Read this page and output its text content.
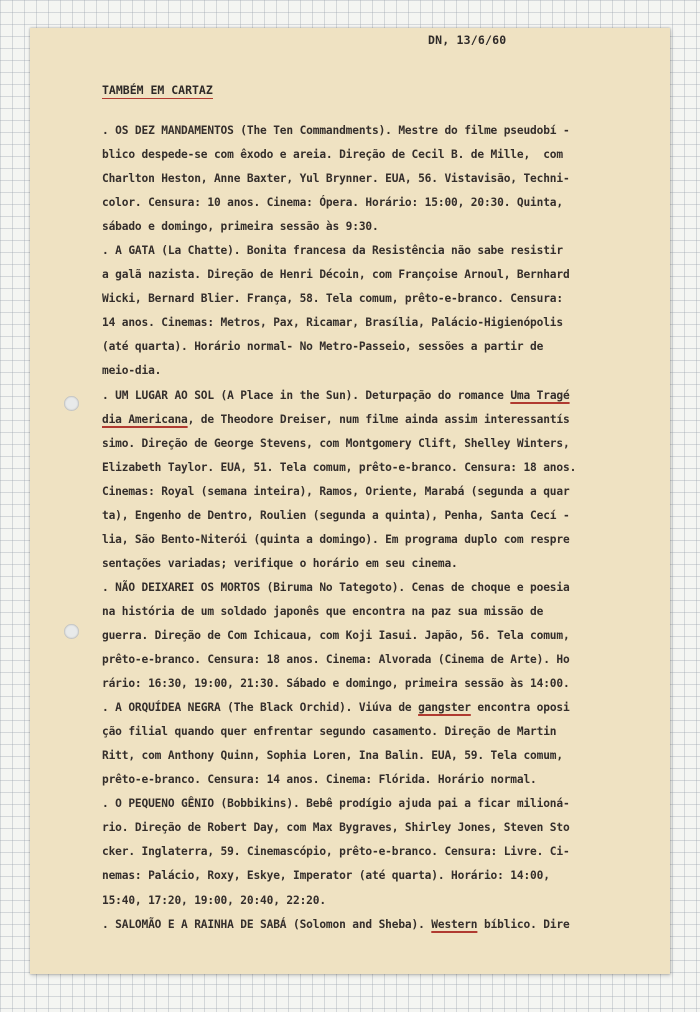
DN, 13/6/60
TAMBÉM EM CARTAZ
. OS DEZ MANDAMENTOS (The Ten Commandments). Mestre do filme pseudobí -
blico despede-se com êxodo e areia. Direção de Cecil B. de Mille,  com
Charlton Heston, Anne Baxter, Yul Brynner. EUA, 56. Vistavisão, Techni-
color. Censura: 10 anos. Cinema: Ópera. Horário: 15:00, 20:30. Quinta,
sábado e domingo, primeira sessão às 9:30.
. A GATA (La Chatte). Bonita francesa da Resistência não sabe resistir
a galã nazista. Direção de Henri Décoin, com Françoise Arnoul, Bernhard
Wicki, Bernard Blier. França, 58. Tela comum, prêto-e-branco. Censura:
14 anos. Cinemas: Metros, Pax, Ricamar, Brasília, Palácio-Higienópolis
(até quarta). Horário normal- No Metro-Passeio, sessões a partir de
meio-dia.
. UM LUGAR AO SOL (A Place in the Sun). Deturpação do romance Uma Tragé
dia Americana, de Theodore Dreiser, num filme ainda assim interessantís
simo. Direção de George Stevens, com Montgomery Clift, Shelley Winters,
Elizabeth Taylor. EUA, 51. Tela comum, prêto-e-branco. Censura: 18 anos.
Cinemas: Royal (semana inteira), Ramos, Oriente, Marabá (segunda a quar
ta), Engenho de Dentro, Roulien (segunda a quinta), Penha, Santa Cecí -
lia, São Bento-Niterói (quinta a domingo). Em programa duplo com respre
sentações variadas; verifique o horário em seu cinema.
. NÃO DEIXAREI OS MORTOS (Biruma No Tategoto). Cenas de choque e poesia
na história de um soldado japonês que encontra na paz sua missão de
guerra. Direção de Com Ichicaua, com Koji Iasui. Japão, 56. Tela comum,
prêto-e-branco. Censura: 18 anos. Cinema: Alvorada (Cinema de Arte). Ho
rário: 16:30, 19:00, 21:30. Sábado e domingo, primeira sessão às 14:00.
. A ORQUÍDEA NEGRA (The Black Orchid). Viúva de gangster encontra oposi
ção filial quando quer enfrentar segundo casamento. Direção de Martin
Ritt, com Anthony Quinn, Sophia Loren, Ina Balin. EUA, 59. Tela comum,
prêto-e-branco. Censura: 14 anos. Cinema: Flórida. Horário normal.
. O PEQUENO GÊNIO (Bobbikins). Bebê prodígio ajuda pai a ficar milioná-
rio. Direção de Robert Day, com Max Bygraves, Shirley Jones, Steven Sto
cker. Inglaterra, 59. Cinemascópio, prêto-e-branco. Censura: Livre. Ci-
nemas: Palácio, Roxy, Eskye, Imperator (até quarta). Horário: 14:00,
15:40, 17:20, 19:00, 20:40, 22:20.
. SALOMÃO E A RAINHA DE SABÁ (Solomon and Sheba). Western bíblico. Dire
